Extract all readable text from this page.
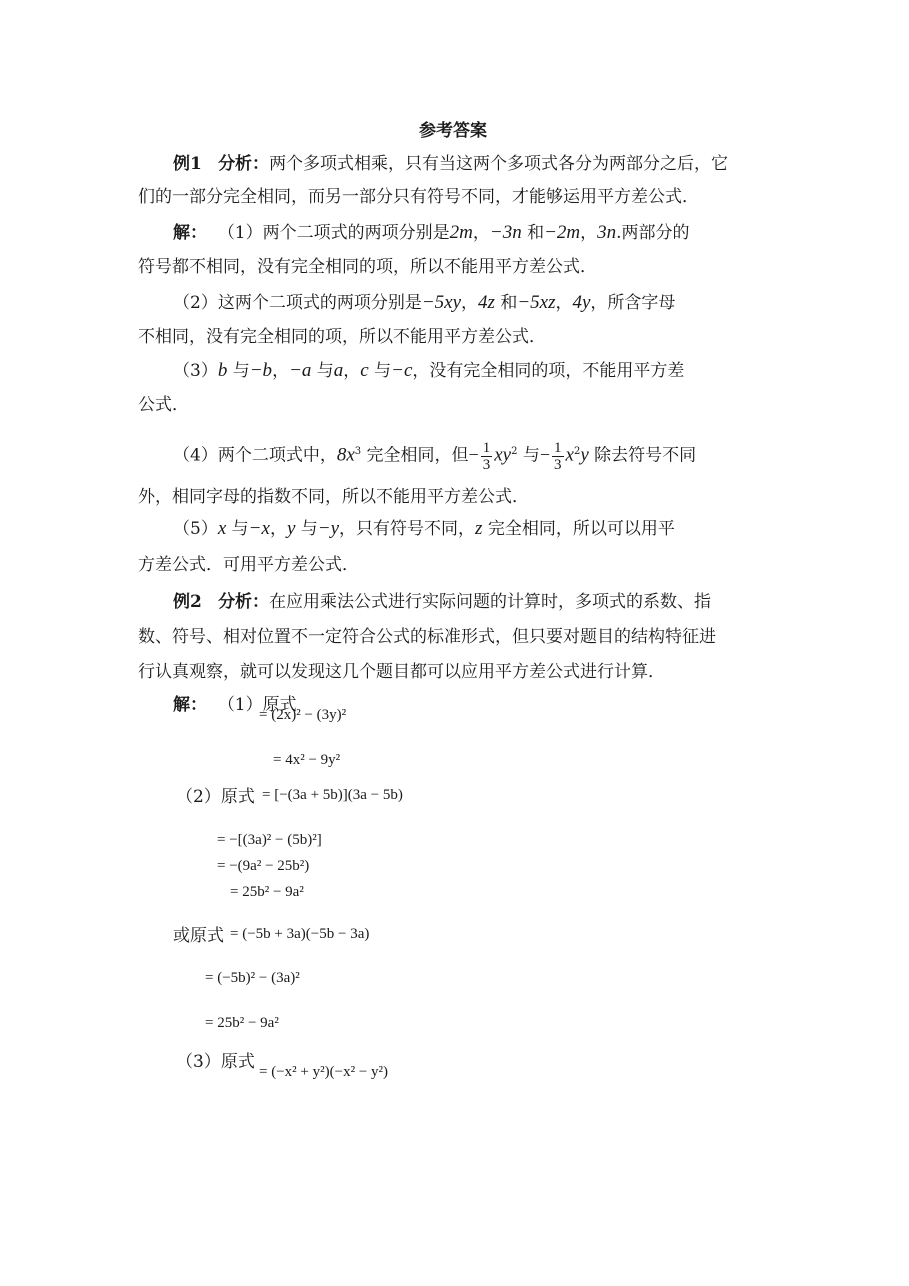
参考答案
例1 分析：两个多项式相乘，只有当这两个多项式各分为两部分之后，它
们的一部分完全相同，而另一部分只有符号不同，才能够运用平方差公式．
解： （1）两个二项式的两项分别是2m，−3n 和−2m，3n.两部分的
符号都不相同，没有完全相同的项，所以不能用平方差公式．
（2）这两个二项式的两项分别是−5xy，4z 和−5xz，4y，所含字母
不相同，没有完全相同的项，所以不能用平方差公式．
（3）b 与−b，−a 与a，c 与−c，没有完全相同的项，不能用平方差
公式．
（4）两个二项式中，$8x^3$ 完全相同，但− $\frac{1}{3} xy^2$ 与− $\frac{1}{3} x^2y$ 除去符号不同
外，相同字母的指数不同，所以不能用平方差公式．
（5）x 与−x，y 与−y，只有符号不同，z 完全相同，所以可以用平
方差公式．可用平方差公式．
例2 分析：在应用乘法公式进行实际问题的计算时，多项式的系数、指
数、符号、相对位置不一定符合公式的标准形式，但只要对题目的结构特征进
行认真观察，就可以发现这几个题目都可以应用平方差公式进行计算．
解： （1）原式
= (2x)² − (3y)²
= 4x² − 9y²
（2）原式 = [−(3a + 5b)](3a − 5b)
= −[(3a)² − (5b)²]
= −(9a² − 25b²)
= 25b² − 9a²
或原式 = (−5b + 3a)(−5b − 3a)
= (−5b)² − (3a)²
= 25b² − 9a²
（3）原式 = (−x² + y²)(−x² − y²)
